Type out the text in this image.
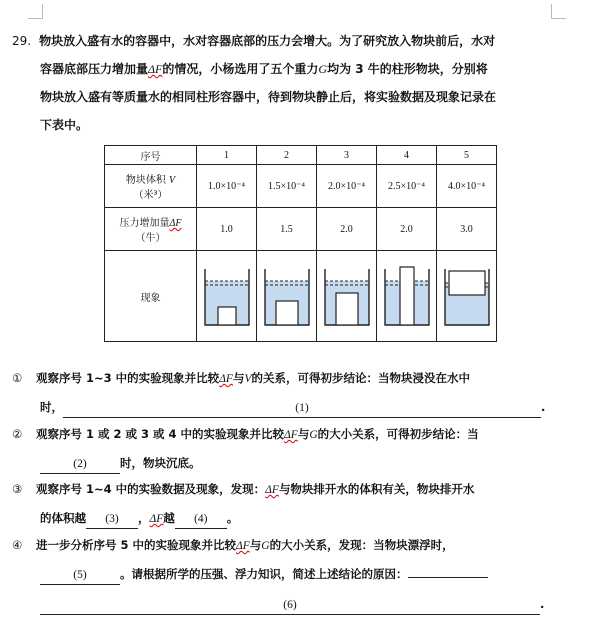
29. 物块放入盛有水的容器中，水对容器底部的压力会增大。为了研究放入物块前后，水对
容器底部压力增加量ΔF的情况，小杨选用了五个重力G均为 3 牛的柱形物块，分别将
物块放入盛有等质量水的相同柱形容器中，待到物块静止后，将实验数据及现象记录在
下表中。
序号	1	2	3	4	5

物块体积 V
（米³）	1.0×10⁻⁴	1.5×10⁻⁴	2.0×10⁻⁴	2.5×10⁻⁴	4.0×10⁻⁴

压力增加量ΔF
（牛）	1.0	1.5	2.0	2.0	3.0
现象	

① 观察序号 1~3 中的实验现象并比较ΔF与V的关系，可得初步结论：当物块浸没在水中
时，	(1)	.
② 观察序号 1 或 2 或 3 或 4 中的实验现象并比较ΔF与G的大小关系，可得初步结论：当
(2)	时，物块沉底。
③ 观察序号 1~4 中的实验数据及现象，发现：ΔF与物块排开水的体积有关，物块排开水
的体积越 (3) ，ΔF越 (4) 。
④ 进一步分析序号 5 中的实验现象并比较ΔF与G的大小关系，发现：当物块漂浮时，
(5)	。请根据所学的压强、浮力知识，简述上述结论的原因：
(6)	.
